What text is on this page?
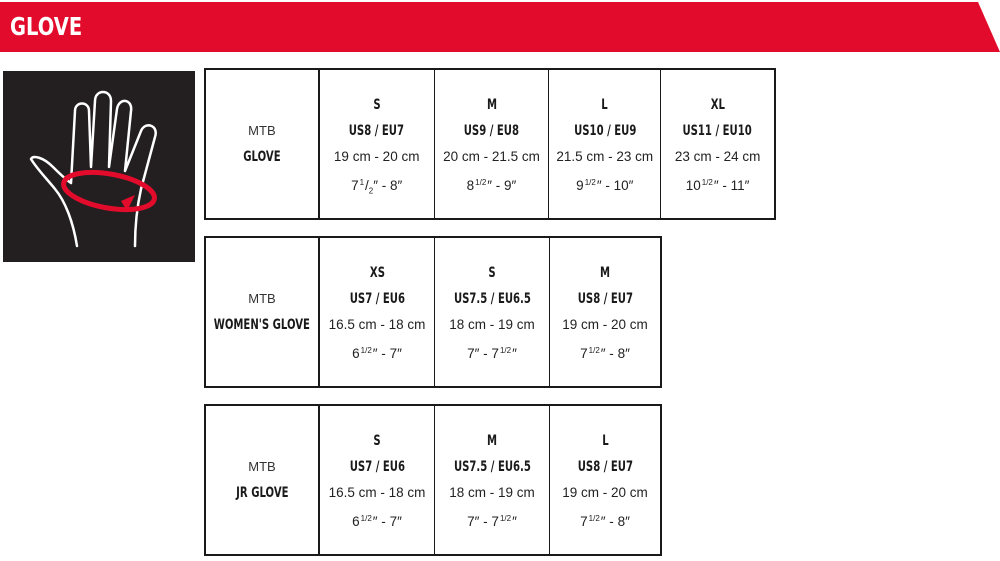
GLOVE
MTB
GLOVE
S
US8 / EU7
19 cm - 20 cm
$7^1/_2'' - 8''$
M
US9 / EU8
20 cm - 21.5 cm
$8^{1/2}'' - 9''$
L
US10 / EU9
21.5 cm - 23 cm
$9^{1/2}'' - 10''$
XL
US11 / EU10
23 cm - 24 cm
$10^{1/2}'' - 11''$
MTB
WOMEN'S GLOVE
XS
US7 / EU6
16.5 cm - 18 cm
$6^{1/2}'' - 7''$
S
US7.5 / EU6.5
18 cm - 19 cm
$7'' - 7^{1/2}''$
M
US8 / EU7
19 cm - 20 cm
$7^{1/2}'' - 8''$
MTB
JR GLOVE
S
US7 / EU6
16.5 cm - 18 cm
$6^{1/2}'' - 7''$
M
US7.5 / EU6.5
18 cm - 19 cm
$7'' - 7^{1/2}''$
L
US8 / EU7
19 cm - 20 cm
$7^{1/2}'' - 8''$
